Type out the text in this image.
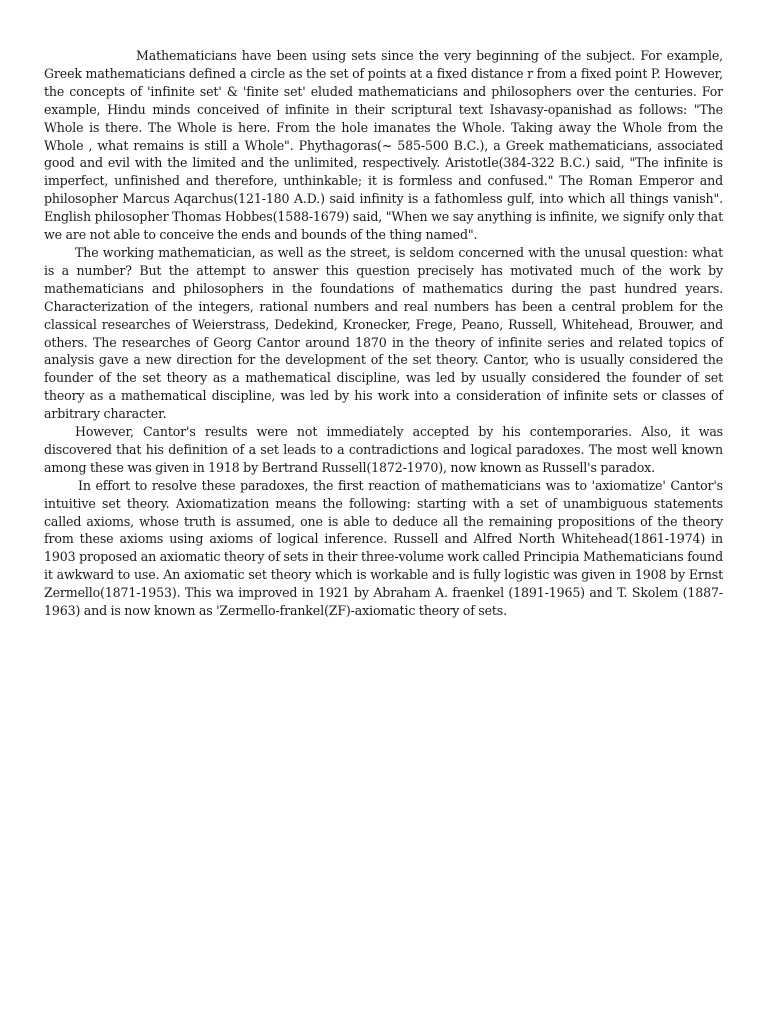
Mathematicians have been using sets since the very beginning of the subject. For example, Greek mathematicians defined a circle as the set of points at a fixed distance r from a fixed point P. However, the concepts of 'infinite set' & 'finite set' eluded mathematicians and philosophers over the centuries. For example, Hindu minds conceived of infinite in their scriptural text Ishavasy-opanishad as follows: "The Whole is there. The Whole is here. From the hole imanates the Whole. Taking away the Whole from the Whole , what remains is still a Whole". Phythagoras(~ 585-500 B.C.), a Greek mathematicians, associated good and evil with the limited and the unlimited, respectively. Aristotle(384-322 B.C.) said, "The infinite is imperfect, unfinished and therefore, unthinkable; it is formless and confused." The Roman Emperor and philosopher Marcus Aqarchus(121-180 A.D.) said infinity is a fathomless gulf, into which all things vanish". English philosopher Thomas Hobbes(1588-1679) said, "When we say anything is infinite, we signify only that we are not able to conceive the ends and bounds of the thing named".

The working mathematician, as well as the street, is seldom concerned with the unusal question: what is a number? But the attempt to answer this question precisely has motivated much of the work by mathematicians and philosophers in the foundations of mathematics during the past hundred years. Characterization of the integers, rational numbers and real numbers has been a central problem for the classical researches of Weierstrass, Dedekind, Kronecker, Frege, Peano, Russell, Whitehead, Brouwer, and others. The researches of Georg Cantor around 1870 in the theory of infinite series and related topics of analysis gave a new direction for the development of the set theory. Cantor, who is usually considered the founder of the set theory as a mathematical discipline, was led by usually considered the founder of set theory as a mathematical discipline, was led by his work into a consideration of infinite sets or classes of arbitrary character.

However, Cantor's results were not immediately accepted by his contemporaries. Also, it was discovered that his definition of a set leads to a contradictions and logical paradoxes. The most well known among these was given in 1918 by Bertrand Russell(1872-1970), now known as Russell's paradox.

In effort to resolve these paradoxes, the first reaction of mathematicians was to 'axiomatize' Cantor's intuitive set theory. Axiomatization means the following: starting with a set of unambiguous statements called axioms, whose truth is assumed, one is able to deduce all the remaining propositions of the theory from these axioms using axioms of logical inference. Russell and Alfred North Whitehead(1861-1974) in 1903 proposed an axiomatic theory of sets in their three-volume work called Principia Mathematicians found it awkward to use. An axiomatic set theory which is workable and is fully logistic was given in 1908 by Ernst Zermello(1871-1953). This wa improved in 1921 by Abraham A. fraenkel (1891-1965) and T. Skolem (1887-1963) and is now known as 'Zermello-frankel(ZF)-axiomatic theory of sets.
